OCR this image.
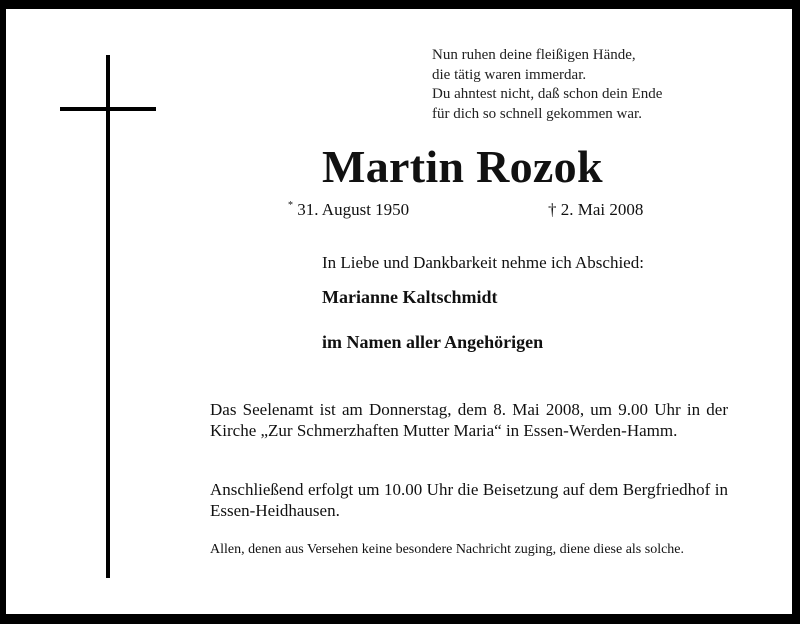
Nun ruhen deine fleißigen Hände,
die tätig waren immerdar.
Du ahntest nicht, daß schon dein Ende
für dich so schnell gekommen war.
Martin Rozok
* 31. August 1950	† 2. Mai 2008
In Liebe und Dankbarkeit nehme ich Abschied:
Marianne Kaltschmidt
im Namen aller Angehörigen

Das Seelenamt ist am Donnerstag, dem 8. Mai 2008, um 9.00 Uhr in der Kirche „Zur Schmerzhaften Mutter Maria“ in Essen-Werden-Hamm.

Anschließend erfolgt um 10.00 Uhr die Beisetzung auf dem Bergfriedhof in Essen-Heidhausen.

Allen, denen aus Versehen keine besondere Nachricht zuging, diene diese als solche.
